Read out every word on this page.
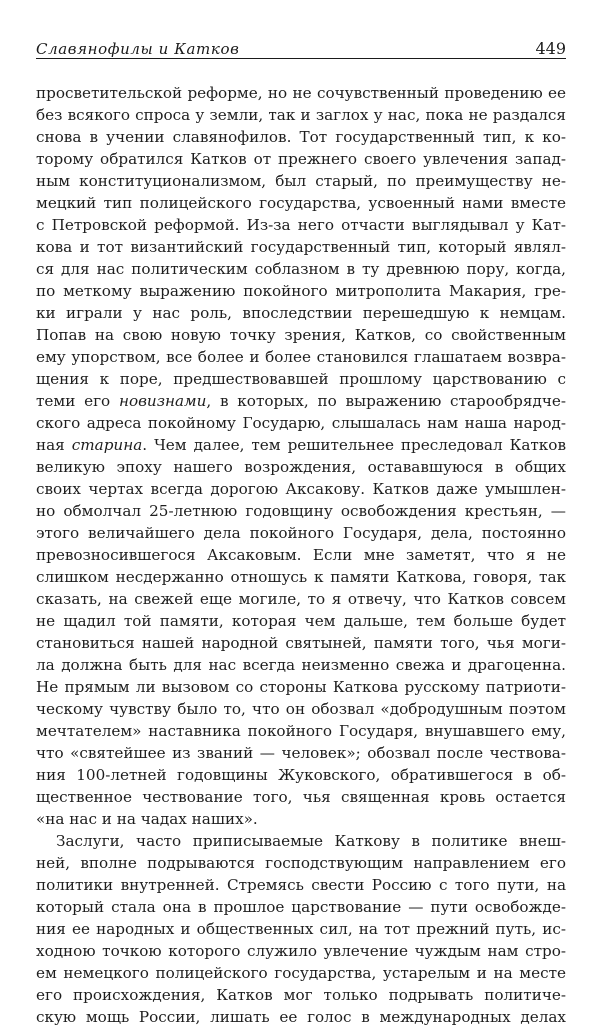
Славянофилы и Катков	449
просветительской реформе, но не сочувственный проведению ее
без всякого спроса у земли, так и заглох у нас, пока не раздался
снова в учении славянофилов. Тот государственный тип, к ко-
торому обратился Катков от прежнего своего увлечения запад-
ным конституционализмом, был старый, по преимуществу не-
мецкий тип полицейского государства, усвоенный нами вместе
с Петровской реформой. Из-за него отчасти выглядывал у Кат-
кова и тот византийский государственный тип, который являл-
ся для нас политическим соблазном в ту древнюю пору, когда,
по меткому выражению покойного митрополита Макария, гре-
ки играли у нас роль, впоследствии перешедшую к немцам.
Попав на свою новую точку зрения, Катков, со свойственным
ему упорством, все более и более становился глашатаем возвра-
щения к поре, предшествовавшей прошлому царствованию с
теми его новизнами, в которых, по выражению старообрядче-
ского адреса покойному Государю, слышалась нам наша народ-
ная старина. Чем далее, тем решительнее преследовал Катков
великую эпоху нашего возрождения, остававшуюся в общих
своих чертах всегда дорогою Аксакову. Катков даже умышлен-
но обмолчал 25-летнюю годовщину освобождения крестьян, —
этого величайшего дела покойного Государя, дела, постоянно
превозносившегося Аксаковым. Если мне заметят, что я не
слишком несдержанно отношусь к памяти Каткова, говоря, так
сказать, на свежей еще могиле, то я отвечу, что Катков совсем
не щадил той памяти, которая чем дальше, тем больше будет
становиться нашей народной святыней, памяти того, чья моги-
ла должна быть для нас всегда неизменно свежа и драгоценна.
Не прямым ли вызовом со стороны Каткова русскому патриоти-
ческому чувству было то, что он обозвал «добродушным поэтом
мечтателем» наставника покойного Государя, внушавшего ему,
что «святейшее из званий — человек»; обозвал после чествова-
ния 100-летней годовщины Жуковского, обратившегося в об-
щественное чествование того, чья священная кровь остается
«на нас и на чадах наших».
Заслуги, часто приписываемые Каткову в политике внеш-
ней, вполне подрываются господствующим направлением его
политики внутренней. Стремясь свести Россию с того пути, на
который стала она в прошлое царствование — пути освобожде-
ния ее народных и общественных сил, на тот прежний путь, ис-
ходною точкою которого служило увлечение чуждым нам стро-
ем немецкого полицейского государства, устарелым и на месте
его происхождения, Катков мог только подрывать политиче-
скую мощь России, лишать ее голос в международных делах
